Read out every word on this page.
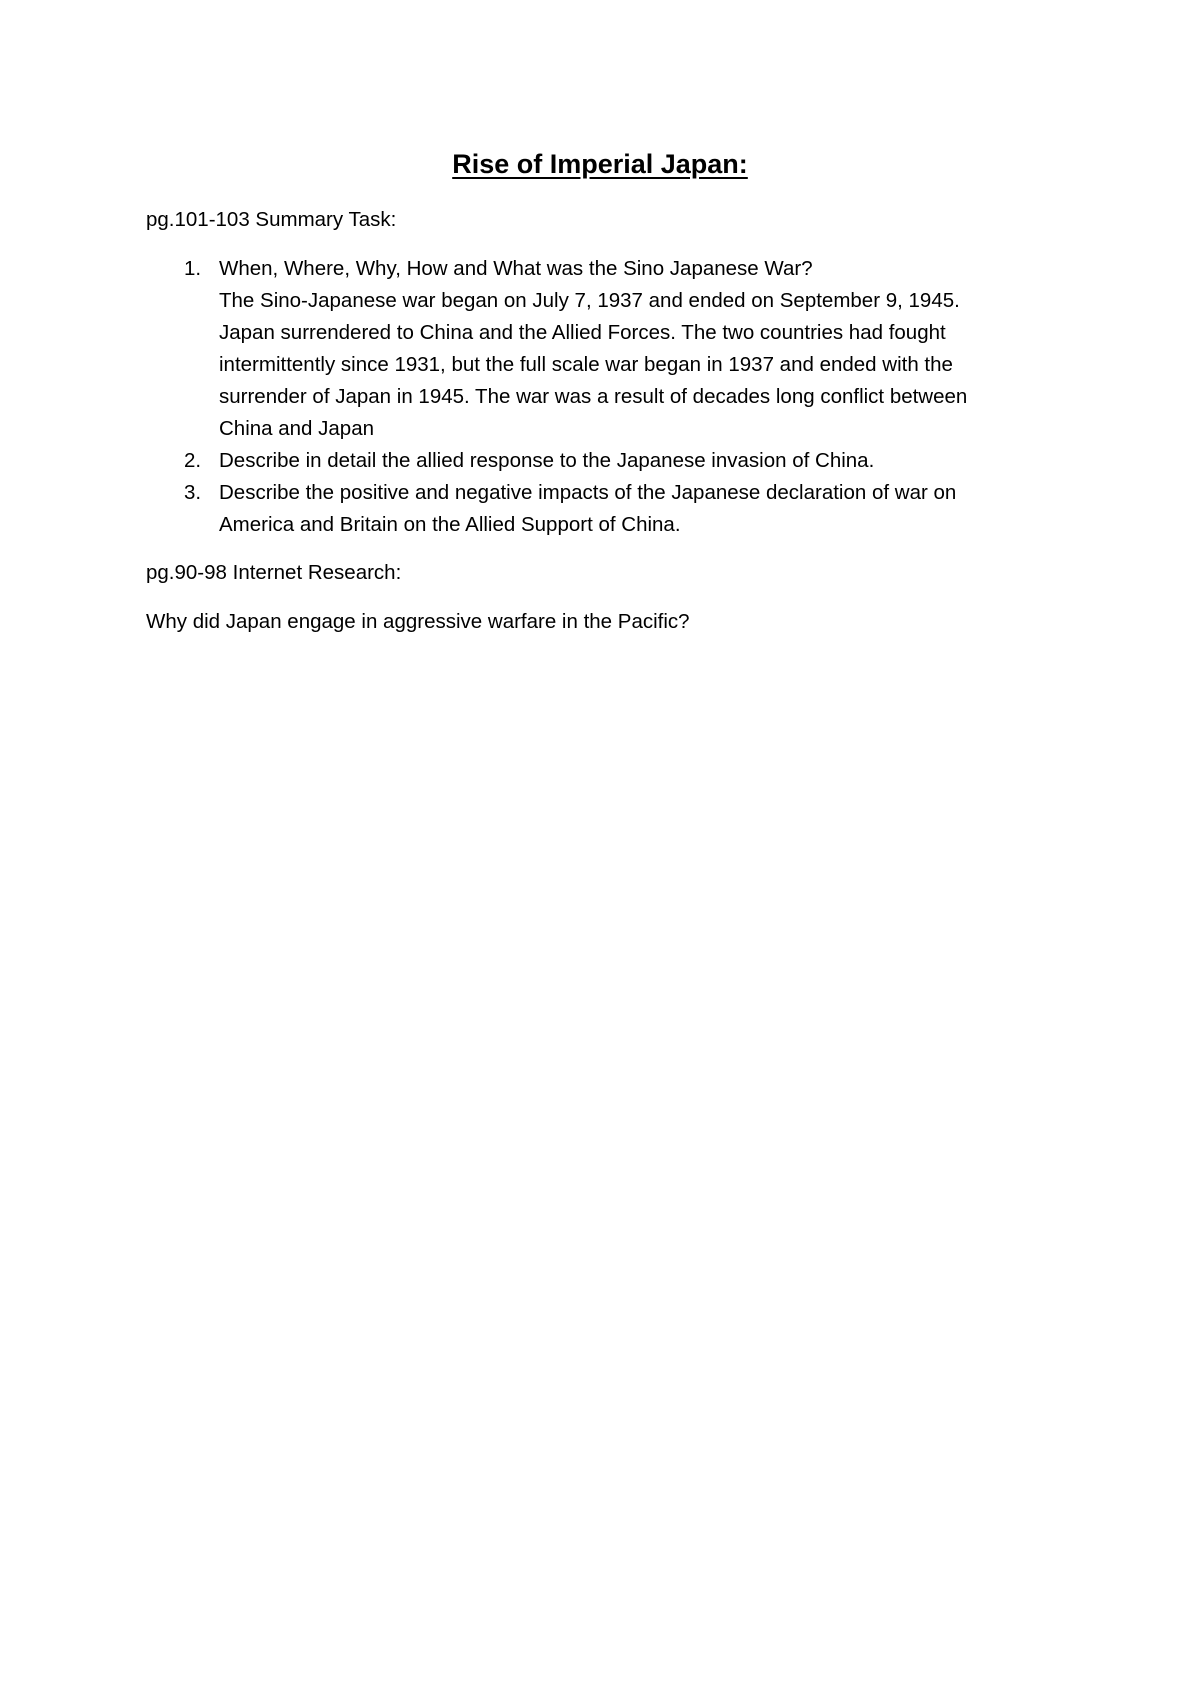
Rise of Imperial Japan:

pg.101-103 Summary Task:

1. When, Where, Why, How and What was the Sino Japanese War?
The Sino-Japanese war began on July 7, 1937 and ended on September 9, 1945.
Japan surrendered to China and the Allied Forces. The two countries had fought
intermittently since 1931, but the full scale war began in 1937 and ended with the
surrender of Japan in 1945. The war was a result of decades long conflict between
China and Japan
2. Describe in detail the allied response to the Japanese invasion of China.
3. Describe the positive and negative impacts of the Japanese declaration of war on
America and Britain on the Allied Support of China.

pg.90-98 Internet Research:

Why did Japan engage in aggressive warfare in the Pacific?
